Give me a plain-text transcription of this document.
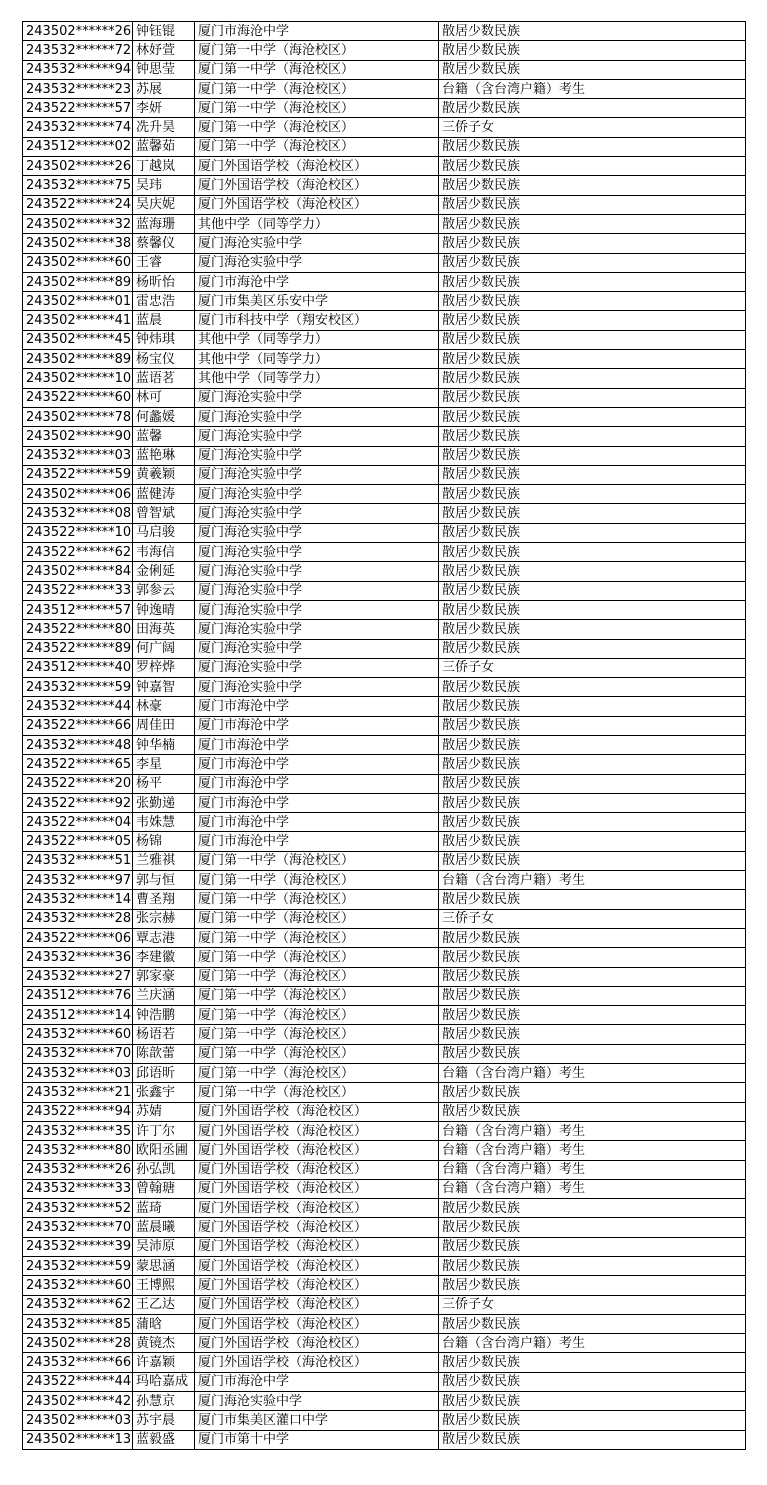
243502******26	钟钰锟	厦门市海沧中学	散居少数民族
243532******72	林妤萱	厦门第一中学（海沧校区）	散居少数民族
243532******94	钟思莹	厦门第一中学（海沧校区）	散居少数民族
243532******23	苏展	厦门第一中学（海沧校区）	台籍（含台湾户籍）考生
243522******57	李妍	厦门第一中学（海沧校区）	散居少数民族
243532******74	冼升昊	厦门第一中学（海沧校区）	三侨子女
243512******02	蓝馨茹	厦门第一中学（海沧校区）	散居少数民族
243502******26	丁越岚	厦门外国语学校（海沧校区）	散居少数民族
243532******75	吴玮	厦门外国语学校（海沧校区）	散居少数民族
243522******24	吴庆妮	厦门外国语学校（海沧校区）	散居少数民族
243502******32	蓝海珊	其他中学（同等学力）	散居少数民族
243502******38	蔡馨仪	厦门海沧实验中学	散居少数民族
243502******60	王睿	厦门海沧实验中学	散居少数民族
243502******89	杨昕怡	厦门市海沧中学	散居少数民族
243502******01	雷忠浩	厦门市集美区乐安中学	散居少数民族
243502******41	蓝晨	厦门市科技中学（翔安校区）	散居少数民族
243502******45	钟炜琪	其他中学（同等学力）	散居少数民族
243502******89	杨宝仪	其他中学（同等学力）	散居少数民族
243502******10	蓝语茗	其他中学（同等学力）	散居少数民族
243522******60	林可	厦门海沧实验中学	散居少数民族
243502******78	何蠡媛	厦门海沧实验中学	散居少数民族
243502******90	蓝馨	厦门海沧实验中学	散居少数民族
243532******03	蓝艳琳	厦门海沧实验中学	散居少数民族
243522******59	黄羲颖	厦门海沧实验中学	散居少数民族
243502******06	蓝健涛	厦门海沧实验中学	散居少数民族
243532******08	曾智斌	厦门海沧实验中学	散居少数民族
243522******10	马启骏	厦门海沧实验中学	散居少数民族
243522******62	韦海信	厦门海沧实验中学	散居少数民族
243502******84	金俐延	厦门海沧实验中学	散居少数民族
243522******33	郭参云	厦门海沧实验中学	散居少数民族
243512******57	钟逸晴	厦门海沧实验中学	散居少数民族
243522******80	田海英	厦门海沧实验中学	散居少数民族
243522******89	何广阔	厦门海沧实验中学	散居少数民族
243512******40	罗梓烨	厦门海沧实验中学	三侨子女
243532******59	钟嘉智	厦门海沧实验中学	散居少数民族
243532******44	林豪	厦门市海沧中学	散居少数民族
243522******66	周佳田	厦门市海沧中学	散居少数民族
243532******48	钟华楠	厦门市海沧中学	散居少数民族
243522******65	李星	厦门市海沧中学	散居少数民族
243522******20	杨平	厦门市海沧中学	散居少数民族
243522******92	张勤递	厦门市海沧中学	散居少数民族
243522******04	韦姝慧	厦门市海沧中学	散居少数民族
243522******05	杨锦	厦门市海沧中学	散居少数民族
243532******51	兰雅祺	厦门第一中学（海沧校区）	散居少数民族
243532******97	郭与恒	厦门第一中学（海沧校区）	台籍（含台湾户籍）考生
243532******14	曹圣翔	厦门第一中学（海沧校区）	散居少数民族
243532******28	张宗赫	厦门第一中学（海沧校区）	三侨子女
243522******06	覃志港	厦门第一中学（海沧校区）	散居少数民族
243532******36	李建徽	厦门第一中学（海沧校区）	散居少数民族
243532******27	郭家豪	厦门第一中学（海沧校区）	散居少数民族
243512******76	兰庆涵	厦门第一中学（海沧校区）	散居少数民族
243512******14	钟浩鹏	厦门第一中学（海沧校区）	散居少数民族
243532******60	杨语若	厦门第一中学（海沧校区）	散居少数民族
243532******70	陈歆蕾	厦门第一中学（海沧校区）	散居少数民族
243532******03	邱语昕	厦门第一中学（海沧校区）	台籍（含台湾户籍）考生
243532******21	张鑫宇	厦门第一中学（海沧校区）	散居少数民族
243522******94	苏婧	厦门外国语学校（海沧校区）	散居少数民族
243532******35	许丁尔	厦门外国语学校（海沧校区）	台籍（含台湾户籍）考生
243532******80	欧阳丞圃	厦门外国语学校（海沧校区）	台籍（含台湾户籍）考生
243532******26	孙弘凯	厦门外国语学校（海沧校区）	台籍（含台湾户籍）考生
243532******33	曾翰瑭	厦门外国语学校（海沧校区）	台籍（含台湾户籍）考生
243532******52	蓝琦	厦门外国语学校（海沧校区）	散居少数民族
243532******70	蓝晨曦	厦门外国语学校（海沧校区）	散居少数民族
243532******39	吴沛原	厦门外国语学校（海沧校区）	散居少数民族
243532******59	蒙思涵	厦门外国语学校（海沧校区）	散居少数民族
243532******60	王博熙	厦门外国语学校（海沧校区）	散居少数民族
243532******62	王乙达	厦门外国语学校（海沧校区）	三侨子女
243532******85	蒲晗	厦门外国语学校（海沧校区）	散居少数民族
243502******28	黄镜杰	厦门外国语学校（海沧校区）	台籍（含台湾户籍）考生
243532******66	许嘉颖	厦门外国语学校（海沧校区）	散居少数民族
243522******44	玛哈嘉成	厦门市海沧中学	散居少数民族
243502******42	孙慧京	厦门海沧实验中学	散居少数民族
243502******03	苏宇晨	厦门市集美区灌口中学	散居少数民族
243502******13	蓝毅盛	厦门市第十中学	散居少数民族
